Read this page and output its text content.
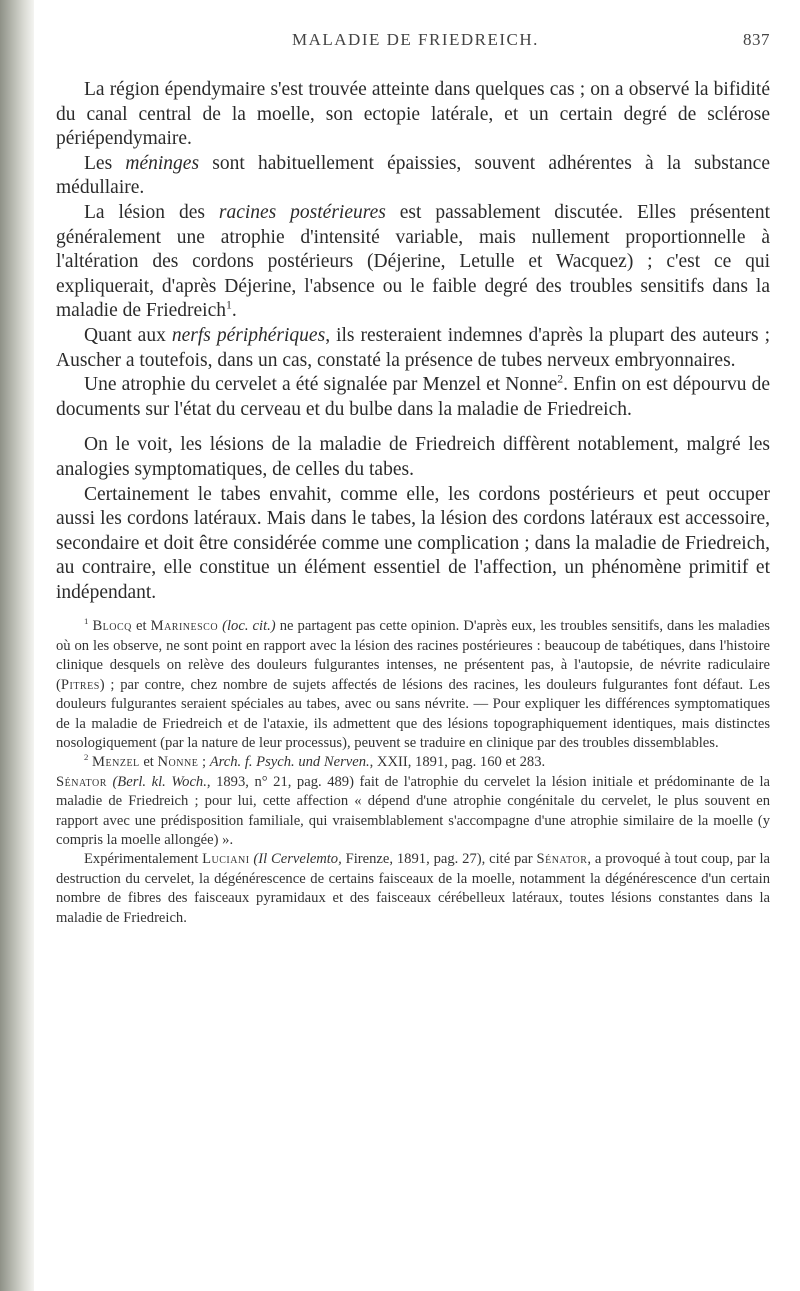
MALADIE DE FRIEDREICH.	837

La région épendymaire s'est trouvée atteinte dans quelques cas ; on a observé la bifidité du canal central de la moelle, son ectopie latérale, et un certain degré de sclérose périépendymaire.

Les méninges sont habituellement épaissies, souvent adhérentes à la substance médullaire.

La lésion des racines postérieures est passablement discutée. Elles présentent généralement une atrophie d'intensité variable, mais nullement proportionnelle à l'altération des cordons postérieurs (Déjerine, Letulle et Wacquez) ; c'est ce qui expliquerait, d'après Déjerine, l'absence ou le faible degré des troubles sensitifs dans la maladie de Friedreich$^1$.

Quant aux nerfs périphériques, ils resteraient indemnes d'après la plupart des auteurs ; Auscher a toutefois, dans un cas, constaté la présence de tubes nerveux embryonnaires.

Une atrophie du cervelet a été signalée par Menzel et Nonne$^2$. Enfin on est dépourvu de documents sur l'état du cerveau et du bulbe dans la maladie de Friedreich.

On le voit, les lésions de la maladie de Friedreich diffèrent notablement, malgré les analogies symptomatiques, de celles du tabes.

Certainement le tabes envahit, comme elle, les cordons postérieurs et peut occuper aussi les cordons latéraux. Mais dans le tabes, la lésion des cordons latéraux est accessoire, secondaire et doit être considérée comme une complication ; dans la maladie de Friedreich, au contraire, elle constitue un élément essentiel de l'affection, un phénomène primitif et indépendant.

$^1$ Blocq et Marinesco (loc. cit.) ne partagent pas cette opinion. D'après eux, les troubles sensitifs, dans les maladies où on les observe, ne sont point en rapport avec la lésion des racines postérieures : beaucoup de tabétiques, dans l'histoire clinique desquels on relève des douleurs fulgurantes intenses, ne présentent pas, à l'autopsie, de névrite radiculaire (Pitres) ; par contre, chez nombre de sujets affectés de lésions des racines, les douleurs fulgurantes font défaut. Les douleurs fulgurantes seraient spéciales au tabes, avec ou sans névrite. — Pour expliquer les différences symptomatiques de la maladie de Friedreich et de l'ataxie, ils admettent que des lésions topographiquement identiques, mais distinctes nosologiquement (par la nature de leur processus), peuvent se traduire en clinique par des troubles dissemblables.

$^2$ Menzel et Nonne ; Arch. f. Psych. und Nerven., XXII, 1891, pag. 160 et 283.
Sénator (Berl. kl. Woch., 1893, n° 21, pag. 489) fait de l'atrophie du cervelet la lésion initiale et prédominante de la maladie de Friedreich ; pour lui, cette affection « dépend d'une atrophie congénitale du cervelet, le plus souvent en rapport avec une prédisposition familiale, qui vraisemblablement s'accompagne d'une atrophie similaire de la moelle (y compris la moelle allongée) ».

Expérimentalement Luciani (Il Cervelетto, Firenze, 1891, pag. 27), cité par Sénator, a provoqué à tout coup, par la destruction du cervelet, la dégénérescence de certains faisceaux de la moelle, notamment la dégénérescence d'un certain nombre de fibres des faisceaux pyramidaux et des faisceaux cérébelleux latéraux, toutes lésions constantes dans la maladie de Friedreich.
